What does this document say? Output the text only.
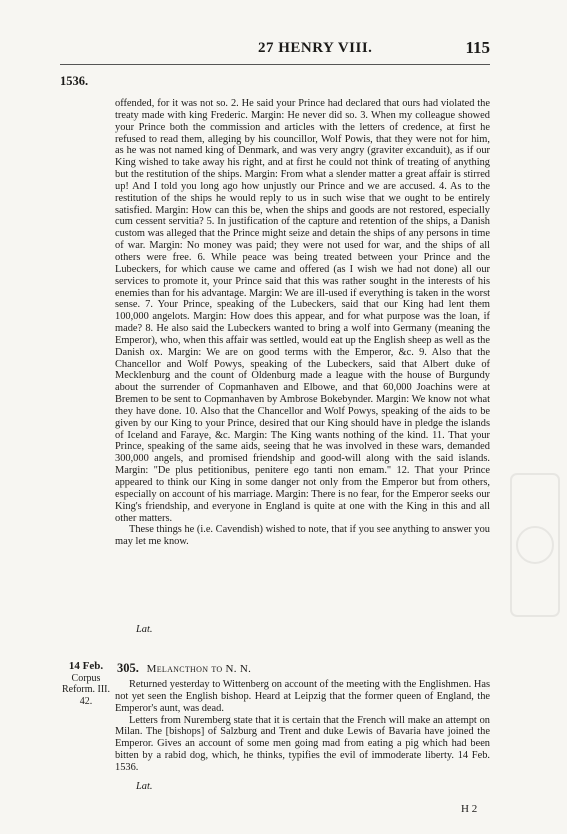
27 HENRY VIII.	115
1536.

offended, for it was not so. 2. He said your Prince had declared that ours had violated the treaty made with king Frederic. Margin: He never did so. 3. When my colleague showed your Prince both the commission and articles with the letters of credence, at first he refused to read them, alleging by his councillor, Wolf Powis, that they were not for him, as he was not named king of Denmark, and was very angry (graviter excanduit), as if our King wished to take away his right, and at first he could not think of treating of anything but the restitution of the ships. Margin: From what a slender matter a great affair is stirred up! And I told you long ago how unjustly our Prince and we are accused. 4. As to the restitution of the ships he would reply to us in such wise that we ought to be entirely satisfied. Margin: How can this be, when the ships and goods are not restored, especially cum cessent servitia? 5. In justification of the capture and retention of the ships, a Danish custom was alleged that the Prince might seize and detain the ships of any persons in time of war. Margin: No money was paid; they were not used for war, and the ships of all others were free. 6. While peace was being treated between your Prince and the Lubeckers, for which cause we came and offered (as I wish we had not done) all our services to promote it, your Prince said that this was rather sought in the interests of his enemies than for his advantage. Margin: We are ill-used if everything is taken in the worst sense. 7. Your Prince, speaking of the Lubeckers, said that our King had lent them 100,000 angelots. Margin: How does this appear, and for what purpose was the loan, if made? 8. He also said the Lubeckers wanted to bring a wolf into Germany (meaning the Emperor), who, when this affair was settled, would eat up the English sheep as well as the Danish ox. Margin: We are on good terms with the Emperor, &c. 9. Also that the Chancellor and Wolf Powys, speaking of the Lubeckers, said that Albert duke of Mecklenburg and the count of Oldenburg made a league with the house of Burgundy about the surrender of Copmanhaven and Elbowe, and that 60,000 Joachins were at Bremen to be sent to Copmanhaven by Ambrose Bokebynder. Margin: We know not what they have done. 10. Also that the Chancellor and Wolf Powys, speaking of the aids to be given by our King to your Prince, desired that our King should have in pledge the islands of Iceland and Faraye, &c. Margin: The King wants nothing of the kind. 11. That your Prince, speaking of the same aids, seeing that he was involved in these wars, demanded 300,000 angels, and promised friendship and good-will along with the said islands. Margin: "De plus petitionibus, penitere ego tanti non emam." 12. That your Prince appeared to think our King in some danger not only from the Emperor but from others, especially on account of his marriage. Margin: There is no fear, for the Emperor seeks our King's friendship, and everyone in England is quite at one with the King in this and all other matters.

These things he (i.e. Cavendish) wished to note, that if you see anything to answer you may let me know.

Lat.
14 Feb.
Corpus
Reform. III.
42.
305. Melancthon to N. N.

Returned yesterday to Wittenberg on account of the meeting with the Englishmen. Has not yet seen the English bishop. Heard at Leipzig that the former queen of England, the Emperor's aunt, was dead.

Letters from Nuremberg state that it is certain that the French will make an attempt on Milan. The [bishops] of Salzburg and Trent and duke Lewis of Bavaria have joined the Emperor. Gives an account of some men going mad from eating a pig which had been bitten by a rabid dog, which, he thinks, typifies the evil of immoderate liberty. 14 Feb. 1536.

Lat.
H 2
